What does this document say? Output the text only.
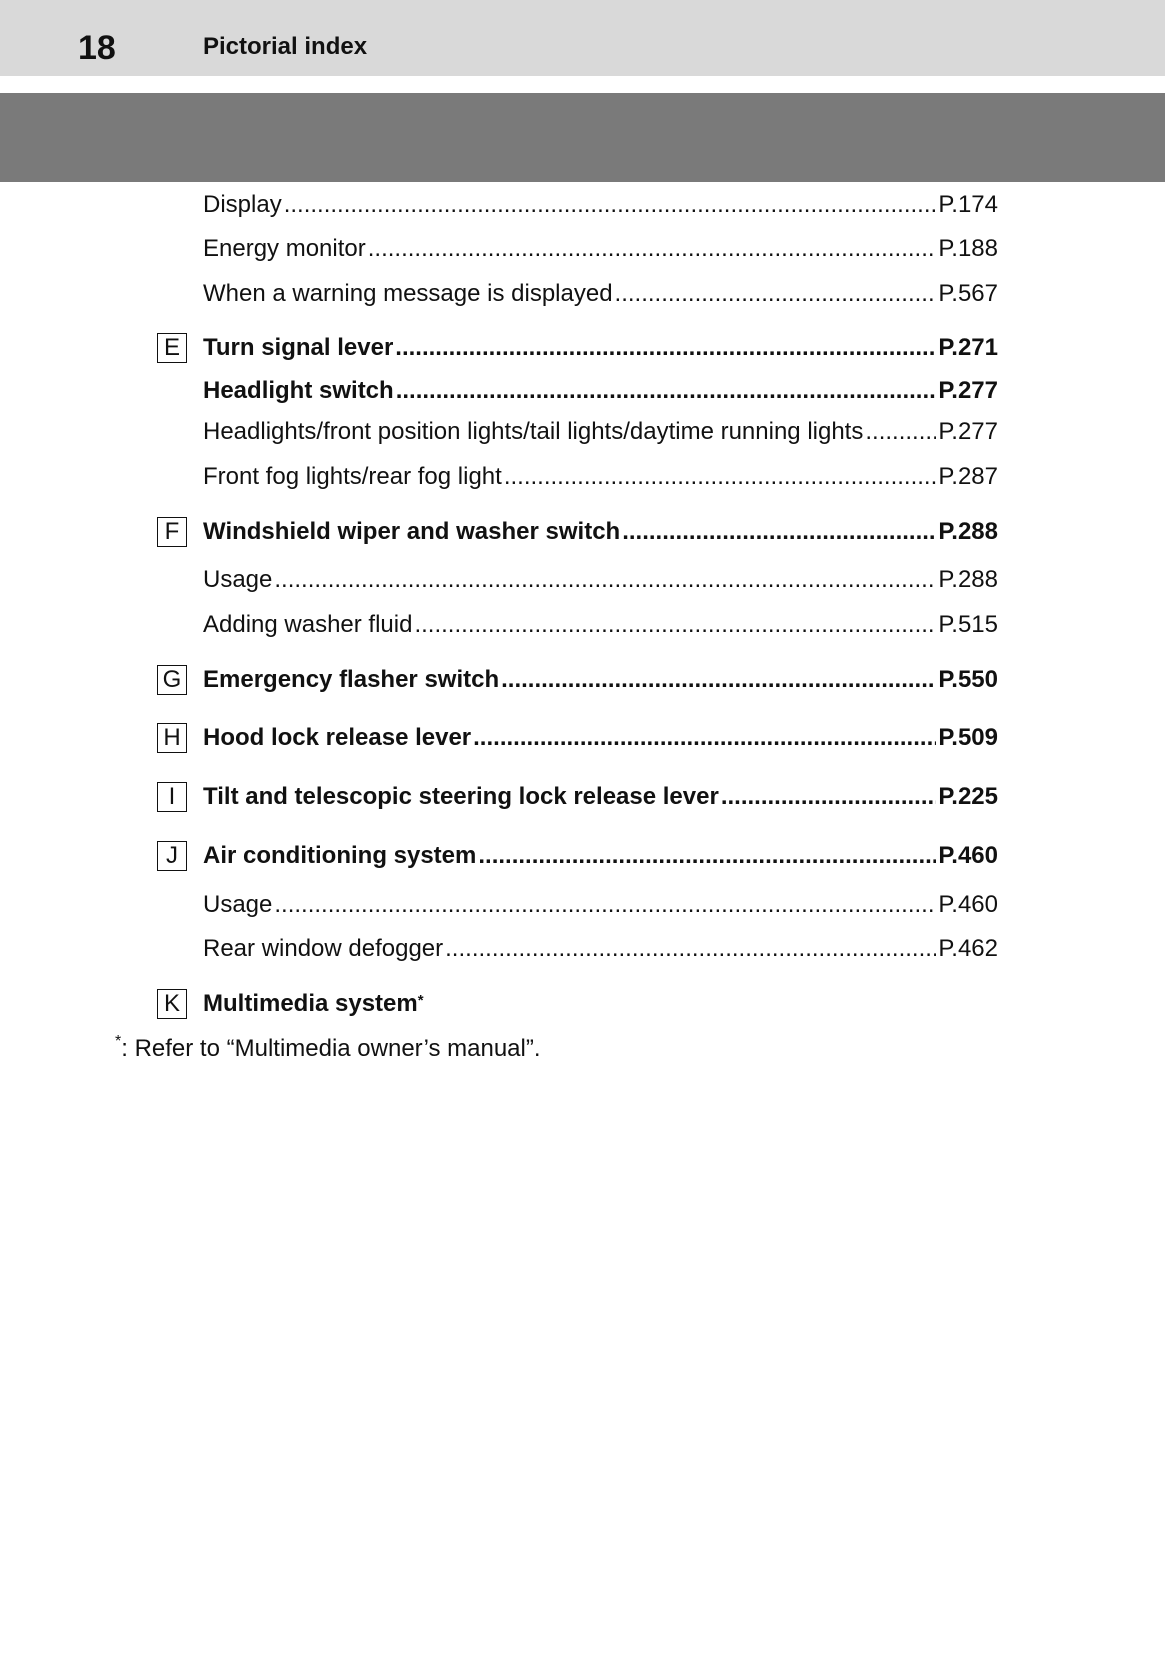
18	Pictorial index
Display .....	P.174
Energy monitor .....	P.188
When a warning message is displayed .....	P.567
E Turn signal lever .....	P.271
Headlight switch .....	P.277
Headlights/front position lights/tail lights/daytime running lights .....	P.277
Front fog lights/rear fog light .....	P.287
F Windshield wiper and washer switch .....	P.288
Usage .....	P.288
Adding washer fluid .....	P.515
G Emergency flasher switch .....	P.550
H Hood lock release lever .....	P.509
I	Tilt and telescopic steering lock release lever .....	P.225
J	Air conditioning system .....	P.460
Usage .....	P.460
Rear window defogger .....	P.462
K Multimedia system *
*: Refer to “Multimedia owner’s manual”.
